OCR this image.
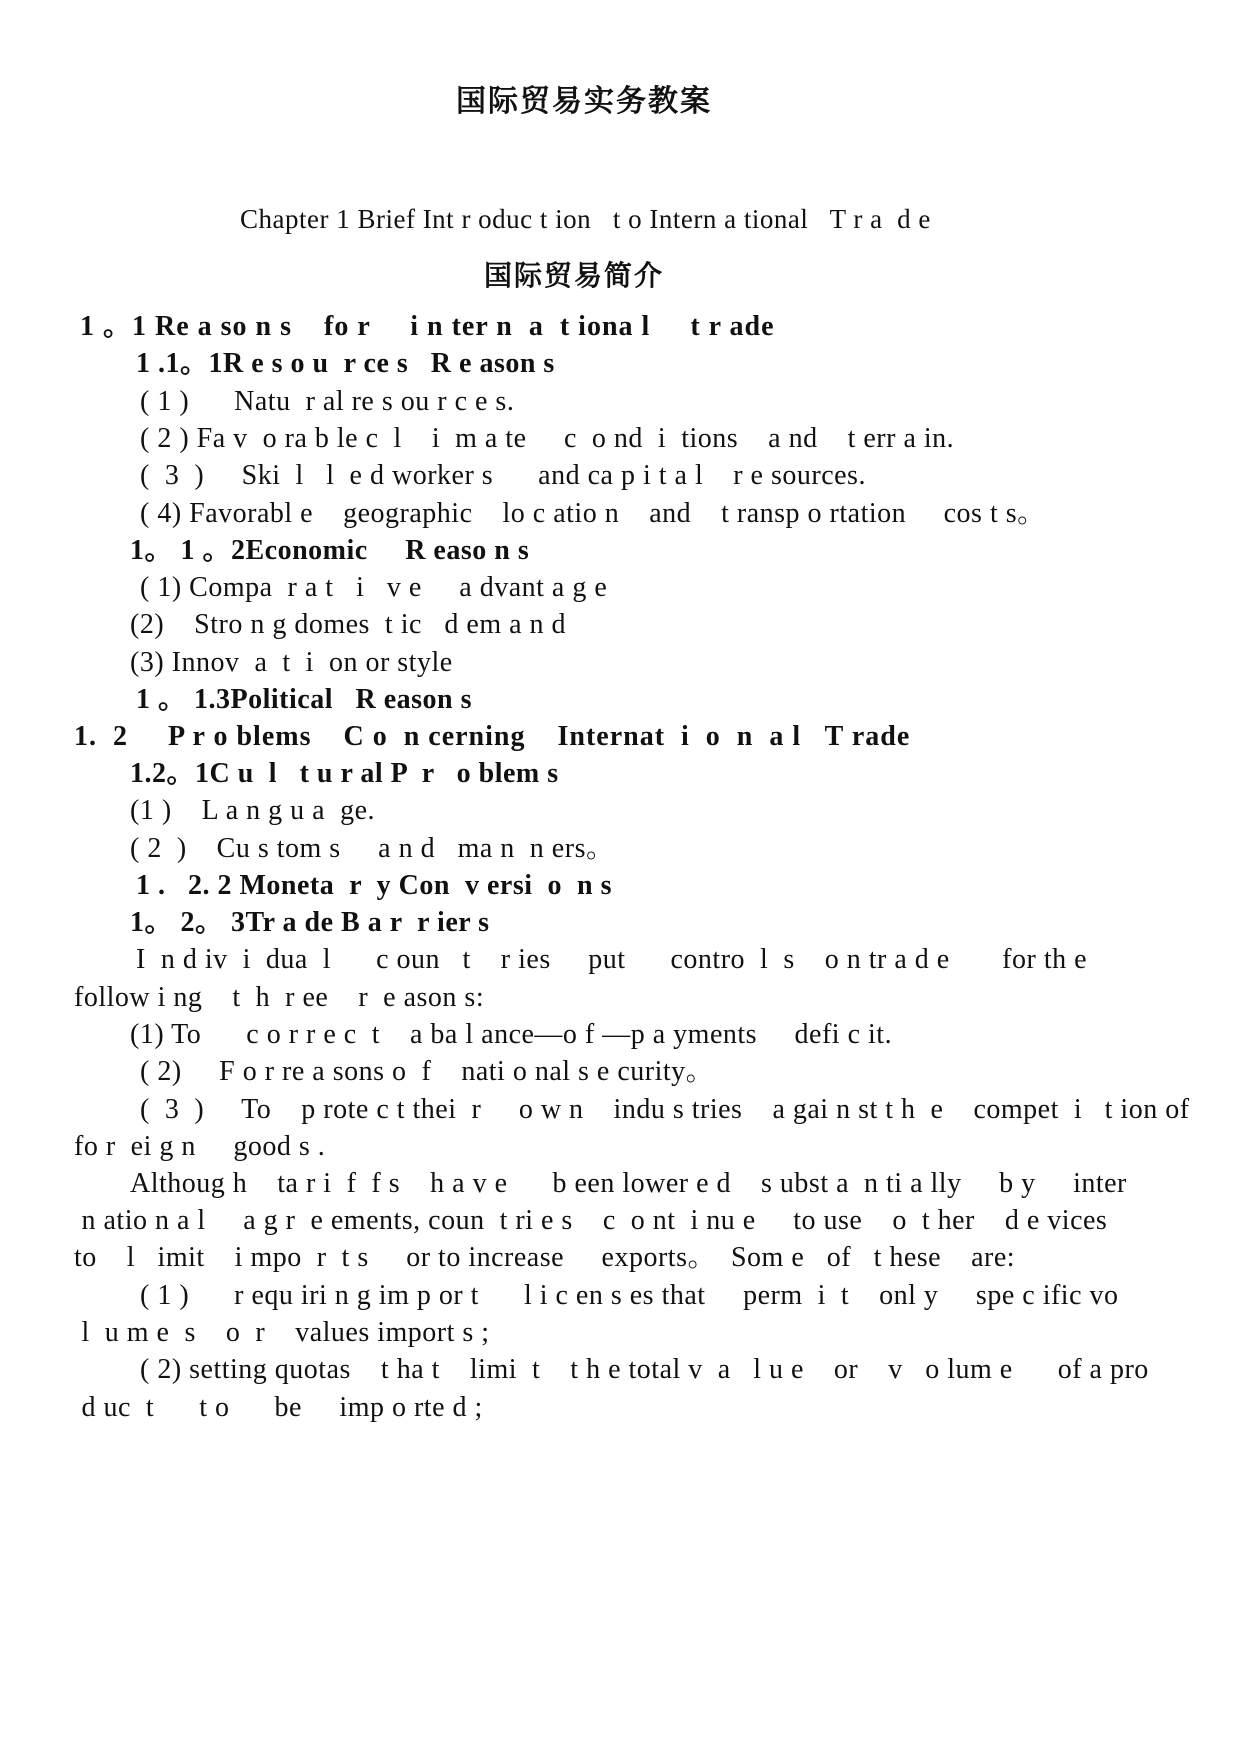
国际贸易实务教案
Chapter 1 Brief Int r oduc t ion   t o Intern a tional   T r a  d e
国际贸易简介
1 。1 Re a so n s    fo r     i n ter n  a  t iona l     t r ade
1 .1。1R e s o u  r ce s   R e ason s
( 1 )      Natu  r al re s ou r c e s.
( 2 ) Fa v  o ra b le c  l    i  m a te     c  o nd  i  tions    a nd    t err a in.
(  3  )     Ski  l   l  e d worker s      and ca p i t a l    r e sources.
( 4) Favorabl e    geographic    lo c atio n    and    t ransp o rtation     cos t s。
1。 1 。2Economic     R easo n s
( 1) Compa  r a t   i   v e     a dvant a g e
(2)    Stro n g domes  t ic   d em a n d
(3) Innov  a  t  i  on or style
1 。 1.3Political   R eason s
1.  2     P r o blems    C o  n cerning    Internat  i  o  n  a l   T rade
1.2。1C u  l   t u r al P  r   o blem s
(1 )    L a n g u a  ge.
( 2  )    Cu s tom s     a n d   ma n  n ers。
1 .   2. 2 Moneta  r  y Con  v ersi  o  n s
1。 2。 3Tr a de B a r  r ier s
I  n d iv  i  dua  l      c oun   t    r ies     put      contro  l  s    o n tr a d e       for th e
follow i ng    t  h  r ee    r  e ason s:
(1) To      c o r r e c  t    a ba l ance—o f —p a yments     defi c it.
( 2)     F o r re a sons o  f    nati o nal s e curity。
(  3  )     To    p rote c t thei  r     o w n    indu s tries    a gai n st t h  e    compet  i   t ion of
fo r  ei g n     good s .
Althoug h    ta r i  f  f s    h a v e      b een lower e d    s ubst a  n ti a lly     b y     inter
n atio n a l     a g r  e ements, coun  t ri e s    c  o nt  i nu e     to use    o  t her    d e vices
to    l   imit    i mpo  r  t s     or to increase     exports。  Som e   of   t hese    are:
( 1 )      r equ iri n g im p or t      l i c en s es that     perm  i  t    onl y     spe c ific vo
l  u m e  s    o  r    values import s ;
( 2) setting quotas    t ha t    limi  t    t h e total v  a   l u e    or    v   o lum e      of a pro
d uc  t      t o      be     imp o rte d ;
